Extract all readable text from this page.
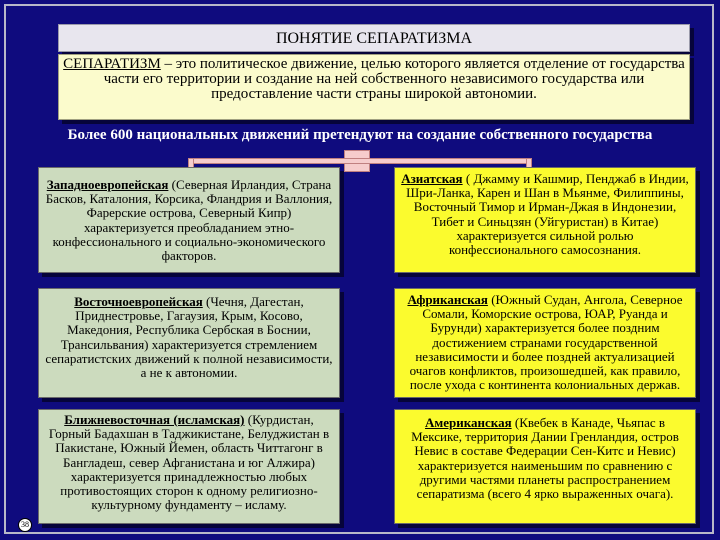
ПОНЯТИЕ СЕПАРАТИЗМА
СЕПАРАТИЗМ – это политическое движение, целью которого является отделение от государства части его территории и создание на ней собственного независимого государства или предоставление части страны широкой автономии.
Более 600 национальных движений претендуют на создание собственного государства
Западноевропейская (Северная Ирландия, Страна Басков, Каталония, Корсика, Фландрия и Валлония, Фарерские острова, Северный Кипр) характеризуется преобладанием этно-конфессионального и социально-экономического факторов.
Восточноевропейская (Чечня, Дагестан, Приднестровье, Гагаузия, Крым, Косово, Македония, Республика Сербская в Боснии, Трансильвания) характеризуется стремлением сепаратистских движений к полной независимости, а не к автономии.
Ближневосточная (исламская) (Курдистан, Горный Бадахшан в Таджикистане, Белуджистан в Пакистане, Южный Йемен, область Читтагонг в Бангладеш, север Афганистана и юг Алжира) характеризуется принадлежностью любых противостоящих сторон к одному религиозно-культурному фундаменту – исламу.
Азиатская ( Джамму и Кашмир, Пенджаб в Индии, Шри-Ланка, Карен и Шан в Мьянме, Филиппины, Восточный Тимор и Ирман-Джая в Индонезии, Тибет и Синьцзян (Уйгуристан) в Китае) характеризуется сильной ролью конфессионального самосознания.
Африканская (Южный Судан, Ангола, Северное Сомали, Коморские острова, ЮАР, Руанда и Бурунди) характеризуется более поздним достижением странами государственной независимости и более поздней актуализацией очагов конфликтов, произошедшей, как правило, после ухода с континента колониальных держав.
Американская (Квебек в Канаде, Чьяпас в Мексике, территория Дании Гренландия, остров Невис в составе Федерации Сен-Китс и Невис) характеризуется наименьшим по сравнению с другими частями планеты распространением сепаратизма (всего 4 ярко выраженных очага).
38
